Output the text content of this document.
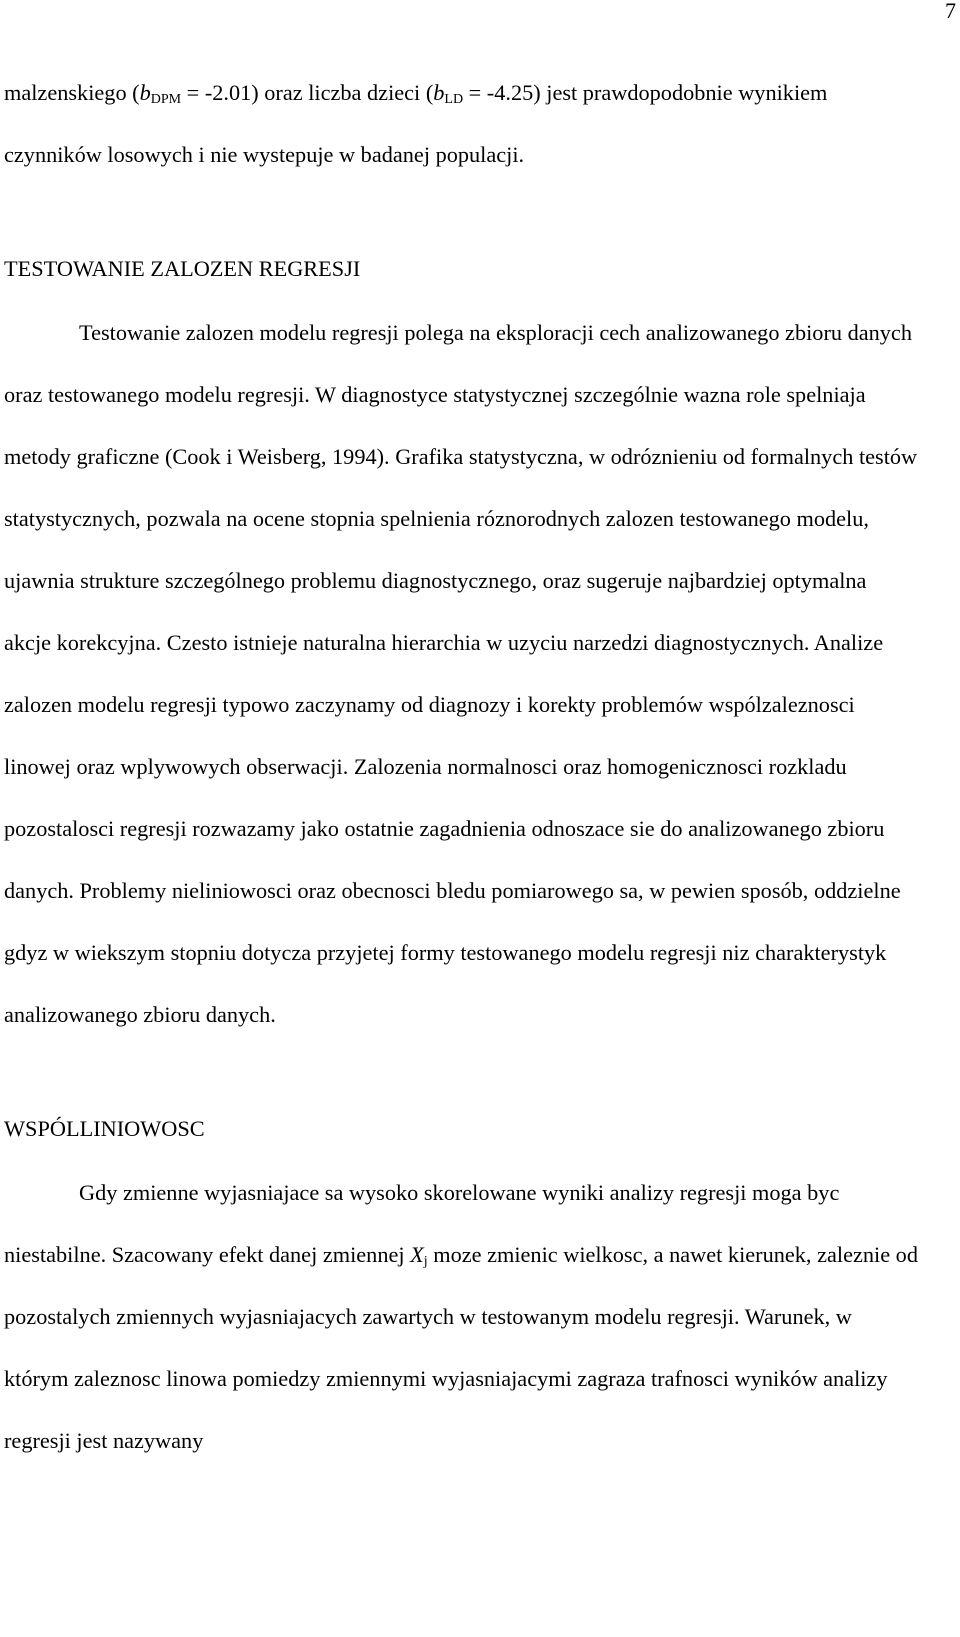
7

malzenskiego $(b_{DPM} = -2.01)$ oraz liczba dzieci $(b_{LD} = -4.25)$ jest prawdopodobnie wynikiem czynników losowych i nie wystepuje w badanej populacji.

TESTOWANIE ZALOZEN REGRESJI

Testowanie zalozen modelu regresji polega na eksploracji cech analizowanego zbioru danych oraz testowanego modelu regresji. W diagnostyce statystycznej szczególnie wazna role spelniaja metody graficzne (Cook i Weisberg, 1994). Grafika statystyczna, w odróznieniu od formalnych testów statystycznych, pozwala na ocene stopnia spelnienia róznorodnych zalozen testowanego modelu, ujawnia strukture szczególnego problemu diagnostycznego, oraz sugeruje najbardziej optymalna akcje korekcyjna. Czesto istnieje naturalna hierarchia w uzyciu narzedzi diagnostycznych. Analize zalozen modelu regresji typowo zaczynamy od diagnozy i korekty problemów wspólzaleznosci linowej oraz wplywowych obserwacji. Zalozenia normalnosci oraz homogenicznosci rozkladu pozostalosci regresji rozwazamy jako ostatnie zagadnienia odnoszace sie do analizowanego zbioru danych. Problemy nieliniowosci oraz obecnosci bledu pomiarowego sa, w pewien sposób, oddzielne gdyz w wiekszym stopniu dotycza przyjetej formy testowanego modelu regresji niz charakterystyk analizowanego zbioru danych.

WSPÓLLINIOWOSC

Gdy zmienne wyjasniajace sa wysoko skorelowane wyniki analizy regresji moga byc niestabilne. Szacowany efekt danej zmiennej $X_j$ moze zmienic wielkosc, a nawet kierunek, zaleznie od pozostalych zmiennych wyjasniajacych zawartych w testowanym modelu regresji. Warunek, w którym zaleznosc linowa pomiedzy zmiennymi wyjasniajacymi zagraza trafnosci wyników analizy regresji jest nazywany
